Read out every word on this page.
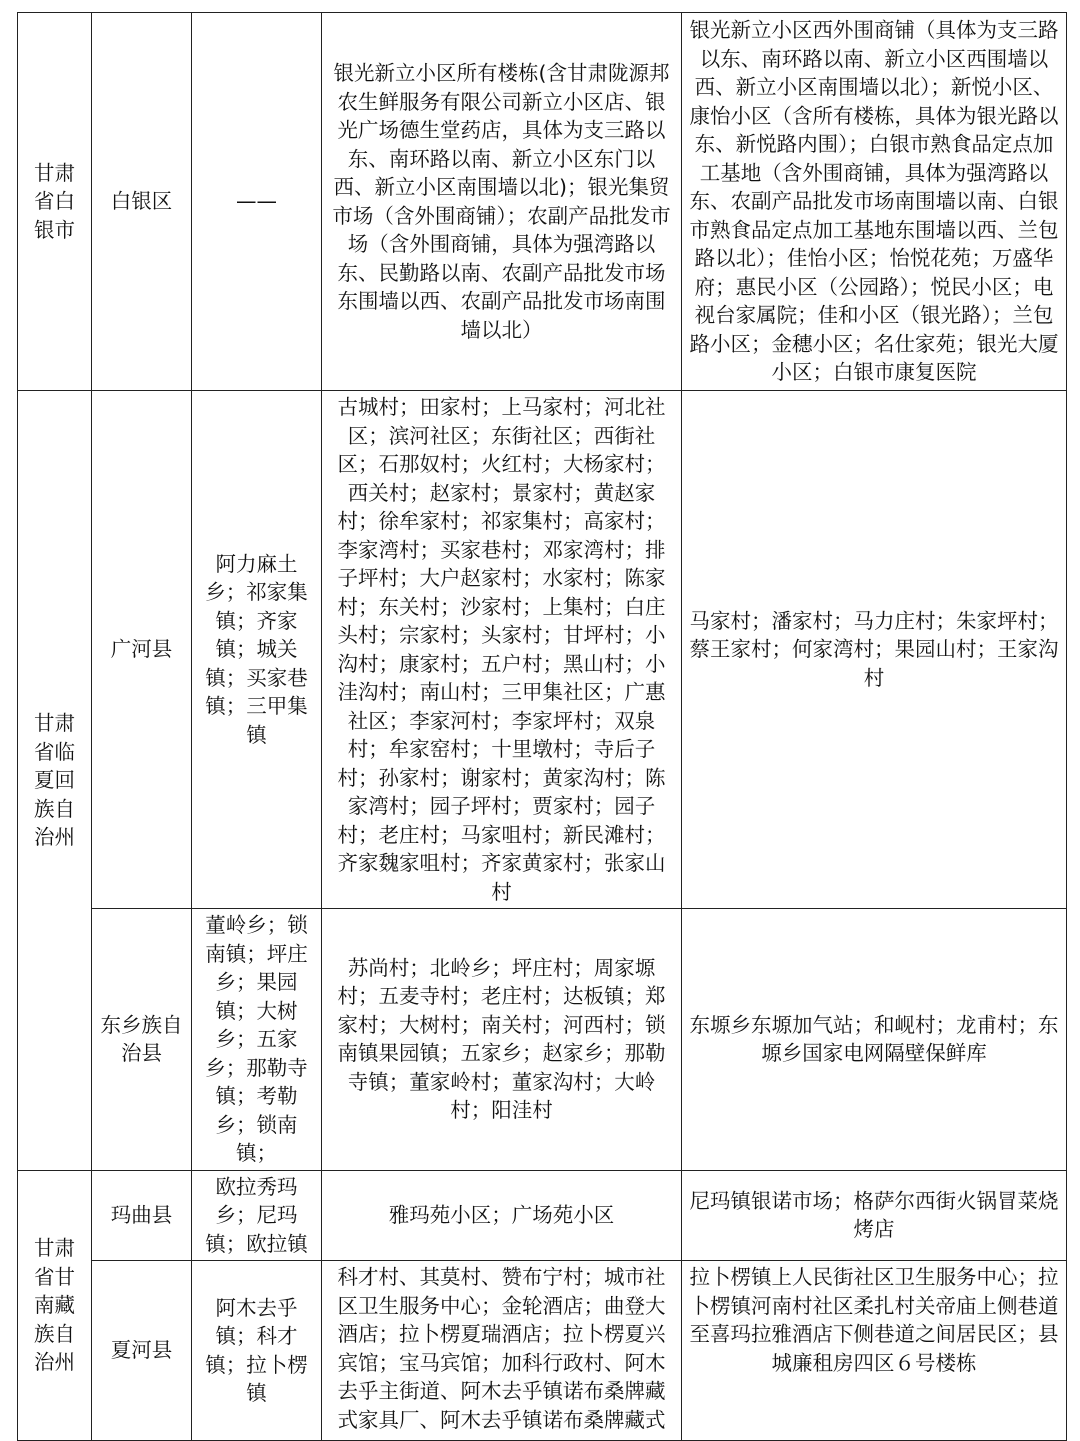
甘肃省白银市	白银区	——	银光新立小区所有楼栋(含甘肃陇源邦农生鲜服务有限公司新立小区店、银光广场德生堂药店，具体为支三路以东、南环路以南、新立小区东门以西、新立小区南围墙以北)；银光集贸市场（含外围商铺）；农副产品批发市场（含外围商铺，具体为强湾路以东、民勤路以南、农副产品批发市场东围墙以西、农副产品批发市场南围墙以北）	银光新立小区西外围商铺（具体为支三路以东、南环路以南、新立小区西围墙以西、新立小区南围墙以北）；新悦小区、康怡小区（含所有楼栋，具体为银光路以东、新悦路内围）；白银市熟食品定点加工基地（含外围商铺，具体为强湾路以东、农副产品批发市场南围墙以南、白银市熟食品定点加工基地东围墙以西、兰包路以北）；佳怡小区；怡悦花苑；万盛华府；惠民小区（公园路）；悦民小区；电视台家属院；佳和小区（银光路）；兰包路小区；金穗小区；名仕家苑；银光大厦小区；白银市康复医院
甘肃省临夏回族自治州	广河县	阿力麻土乡；祁家集镇；齐家镇；城关镇；买家巷镇；三甲集镇	古城村；田家村；上马家村；河北社区；滨河社区；东街社区；西街社区；石那奴村；火红村；大杨家村；西关村；赵家村；景家村；黄赵家村；徐牟家村；祁家集村；高家村；李家湾村；买家巷村；邓家湾村；排子坪村；大户赵家村；水家村；陈家村；东关村；沙家村；上集村；白庄头村；宗家村；头家村；甘坪村；小沟村；康家村；五户村；黑山村；小洼沟村；南山村；三甲集社区；广惠社区；李家河村；李家坪村；双泉村；牟家窑村；十里墩村；寺后子村；孙家村；谢家村；黄家沟村；陈家湾村；园子坪村；贾家村；园子村；老庄村；马家咀村；新民滩村；齐家魏家咀村；齐家黄家村；张家山村	马家村；潘家村；马力庄村；朱家坪村；蔡王家村；何家湾村；果园山村；王家沟村
	东乡族自治县	董岭乡；锁南镇；坪庄乡；果园镇；大树乡；五家乡；那勒寺镇；考勒乡；锁南镇；	苏尚村；北岭乡；坪庄村；周家塬村；五麦寺村；老庄村；达板镇；郑家村；大树村；南关村；河西村；锁南镇果园镇；五家乡；赵家乡；那勒寺镇；董家岭村；董家沟村；大岭村；阳洼村	东塬乡东塬加气站；和岘村；龙甫村；东塬乡国家电网隔壁保鲜库
甘肃省甘南藏族自治州	玛曲县	欧拉秀玛乡；尼玛镇；欧拉镇	雅玛苑小区；广场苑小区	尼玛镇银诺市场；格萨尔西街火锅冒菜烧烤店
	夏河县	阿木去乎镇；科才镇；拉卜楞镇	科才村、其莫村、赞布宁村；城市社区卫生服务中心；金轮酒店；曲登大酒店；拉卜楞夏瑞酒店；拉卜楞夏兴宾馆；宝马宾馆；加科行政村、阿木去乎主街道、阿木去乎镇诺布桑牌藏式家具厂、阿木去乎镇诺布桑牌藏式	拉卜楞镇上人民街社区卫生服务中心；拉卜楞镇河南村社区柔扎村关帝庙上侧巷道至喜玛拉雅酒店下侧巷道之间居民区；县城廉租房四区６号楼栋
